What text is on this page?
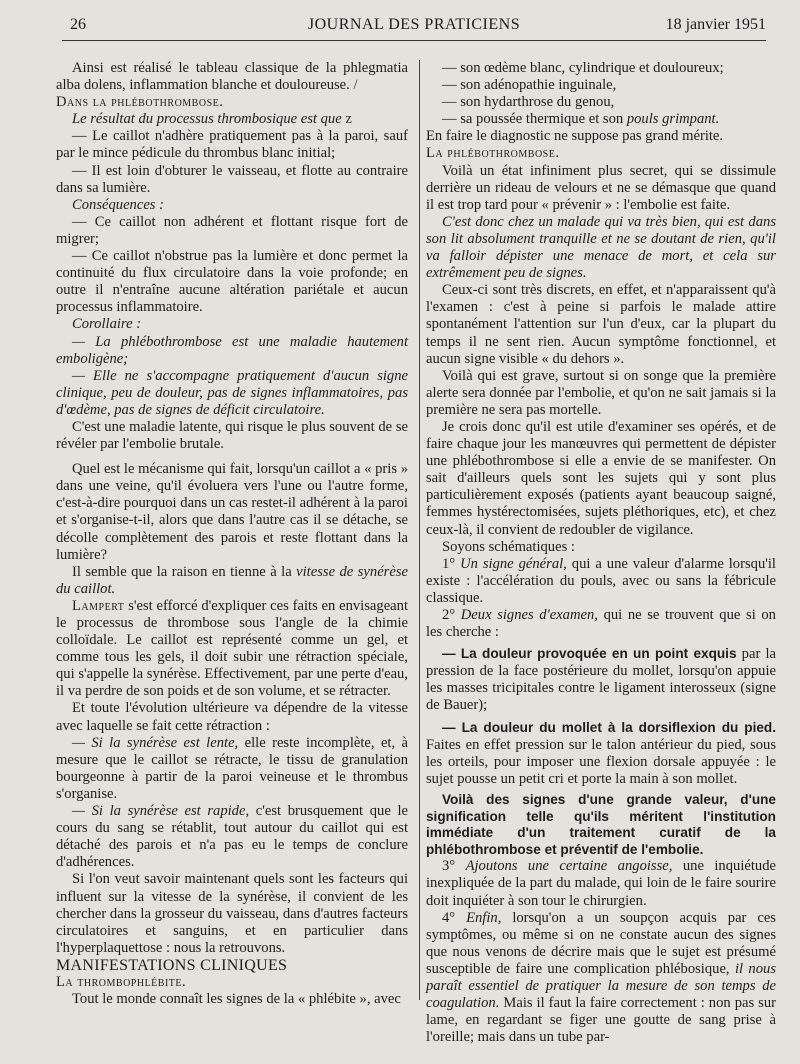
26	JOURNAL DES PRATICIENS	18 janvier 1951

Ainsi est réalisé le tableau classique de la phlegmatia alba dolens, inflammation blanche et douloureuse. /

Dans la phlébothrombose.

Le résultat du processus thrombosique est que z

— Le caillot n'adhère pratiquement pas à la paroi, sauf par le mince pédicule du thrombus blanc initial;

— Il est loin d'obturer le vaisseau, et flotte au contraire dans sa lumière.

Conséquences :

— Ce caillot non adhérent et flottant risque fort de migrer;

— Ce caillot n'obstrue pas la lumière et donc permet la continuité du flux circulatoire dans la voie profonde; en outre il n'entraîne aucune altération pariétale et aucun processus inflammatoire.

Corollaire :

— La phlébothrombose est une maladie hautement emboligène;

— Elle ne s'accompagne pratiquement d'aucun signe clinique, peu de douleur, pas de signes inflammatoires, pas d'œdème, pas de signes de déficit circulatoire.

C'est une maladie latente, qui risque le plus souvent de se révéler par l'embolie brutale.

Quel est le mécanisme qui fait, lorsqu'un caillot a « pris » dans une veine, qu'il évoluera vers l'une ou l'autre forme, c'est-à-dire pourquoi dans un cas restet-il adhérent à la paroi et s'organise-t-il, alors que dans l'autre cas il se détache, se décolle complètement des parois et reste flottant dans la lumière?

Il semble que la raison en tienne à la vitesse de synérèse du caillot.

Lampert s'est efforcé d'expliquer ces faits en envisageant le processus de thrombose sous l'angle de la chimie colloïdale. Le caillot est représenté comme un gel, et comme tous les gels, il doit subir une rétraction spéciale, qui s'appelle la synérèse. Effectivement, par une perte d'eau, il va perdre de son poids et de son volume, et se rétracter.

Et toute l'évolution ultérieure va dépendre de la vitesse avec laquelle se fait cette rétraction :

— Si la synérèse est lente, elle reste incomplète, et, à mesure que le caillot se rétracte, le tissu de granulation bourgeonne à partir de la paroi veineuse et le thrombus s'organise.

— Si la synérèse est rapide, c'est brusquement que le cours du sang se rétablit, tout autour du caillot qui est détaché des parois et n'a pas eu le temps de conclure d'adhérences.

Si l'on veut savoir maintenant quels sont les facteurs qui influent sur la vitesse de la synérèse, il convient de les chercher dans la grosseur du vaisseau, dans d'autres facteurs circulatoires et sanguins, et en particulier dans l'hyperplaquettose : nous la retrouvons.

MANIFESTATIONS CLINIQUES

La thrombophlébite.

Tout le monde connaît les signes de la « phlébite », avec

— son œdème blanc, cylindrique et douloureux;

— son adénopathie inguinale,

— son hydarthrose du genou,

— sa poussée thermique et son pouls grimpant.

En faire le diagnostic ne suppose pas grand mérite.

La phlébothrombose.

Voilà un état infiniment plus secret, qui se dissimule derrière un rideau de velours et ne se démasque que quand il est trop tard pour « prévenir » : l'embolie est faite.

C'est donc chez un malade qui va très bien, qui est dans son lit absolument tranquille et ne se doutant de rien, qu'il va falloir dépister une menace de mort, et cela sur extrêmement peu de signes.

Ceux-ci sont très discrets, en effet, et n'apparaissent qu'à l'examen : c'est à peine si parfois le malade attire spontanément l'attention sur l'un d'eux, car la plupart du temps il ne sent rien. Aucun symptôme fonctionnel, et aucun signe visible « du dehors ».

Voilà qui est grave, surtout si on songe que la première alerte sera donnée par l'embolie, et qu'on ne sait jamais si la première ne sera pas mortelle.

Je crois donc qu'il est utile d'examiner ses opérés, et de faire chaque jour les manœuvres qui permettent de dépister une phlébothrombose si elle a envie de se manifester. On sait d'ailleurs quels sont les sujets qui y sont plus particulièrement exposés (patients ayant beaucoup saigné, femmes hystérectomisées, sujets pléthoriques, etc), et chez ceux-là, il convient de redoubler de vigilance.

Soyons schématiques :

1° Un signe général, qui a une valeur d'alarme lorsqu'il existe : l'accélération du pouls, avec ou sans la fébricule classique.

2° Deux signes d'examen, qui ne se trouvent que si on les cherche :

— La douleur provoquée en un point exquis par la pression de la face postérieure du mollet, lorsqu'on appuie les masses tricipitales contre le ligament interosseux (signe de Bauer);

— La douleur du mollet à la dorsiflexion du pied. Faites en effet pression sur le talon antérieur du pied, sous les orteils, pour imposer une flexion dorsale appuyée : le sujet pousse un petit cri et porte la main à son mollet.

Voilà des signes d'une grande valeur, d'une signification telle qu'ils méritent l'institution immédiate d'un traitement curatif de la phlébothrombose et préventif de l'embolie.

3° Ajoutons une certaine angoisse, une inquiétude inexpliquée de la part du malade, qui loin de le faire sourire doit inquiéter à son tour le chirurgien.

4° Enfin, lorsqu'on a un soupçon acquis par ces symptômes, ou même si on ne constate aucun des signes que nous venons de décrire mais que le sujet est présumé susceptible de faire une complication phlébosique, il nous paraît essentiel de pratiquer la mesure de son temps de coagulation. Mais il faut la faire correctement : non pas sur lame, en regardant se figer une goutte de sang prise à l'oreille; mais dans un tube par-
